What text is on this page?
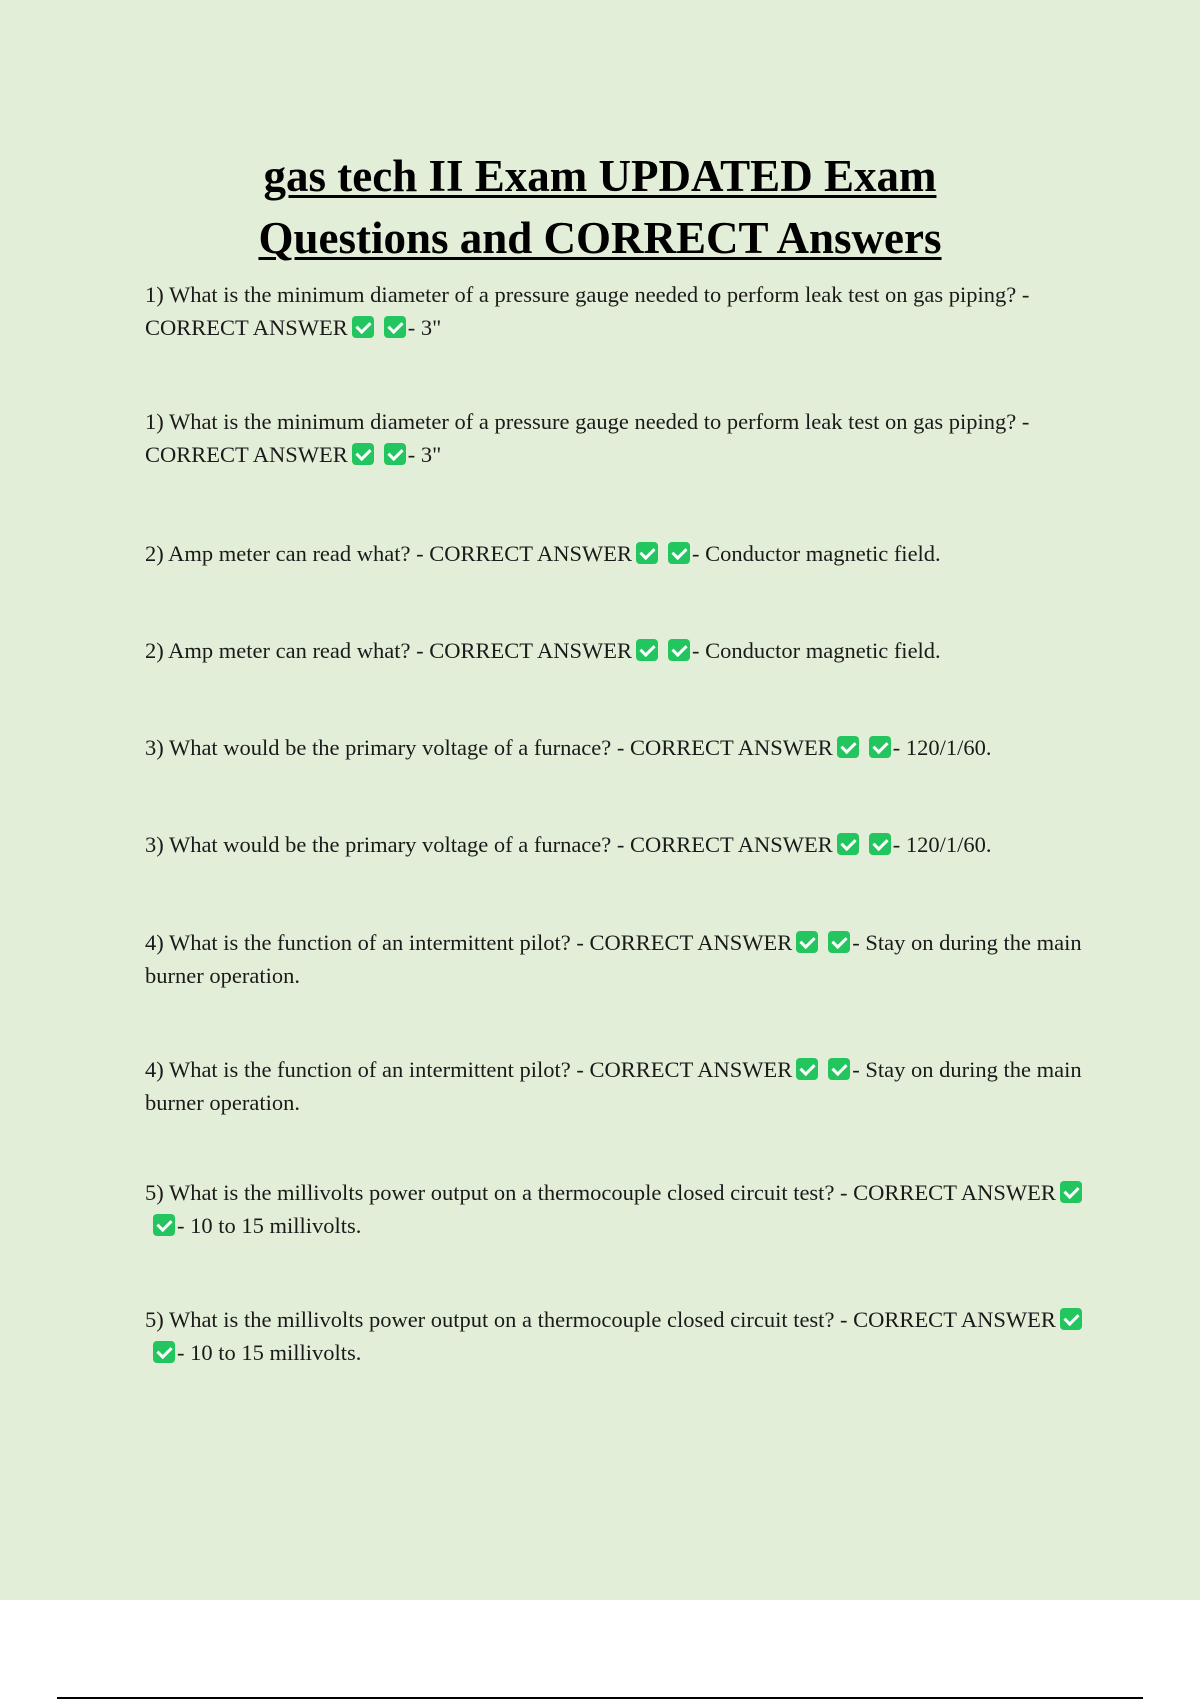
gas tech II Exam UPDATED Exam
Questions and CORRECT Answers

1) What is the minimum diameter of a pressure gauge needed to perform leak test on gas piping? - CORRECT ANSWER	- 3"

1) What is the minimum diameter of a pressure gauge needed to perform leak test on gas piping? - CORRECT ANSWER	- 3"

2) Amp meter can read what? - CORRECT ANSWER	- Conductor magnetic field.

2) Amp meter can read what? - CORRECT ANSWER	- Conductor magnetic field.

3) What would be the primary voltage of a furnace? - CORRECT ANSWER	- 120/1/60.

3) What would be the primary voltage of a furnace? - CORRECT ANSWER	- 120/1/60.

4) What is the function of an intermittent pilot? - CORRECT ANSWER	- Stay on during the main burner operation.

4) What is the function of an intermittent pilot? - CORRECT ANSWER	- Stay on during the main burner operation.

5) What is the millivolts power output on a thermocouple closed circuit test? - CORRECT ANSWER- 10 to 15 millivolts.

5) What is the millivolts power output on a thermocouple closed circuit test? - CORRECT ANSWER- 10 to 15 millivolts.
